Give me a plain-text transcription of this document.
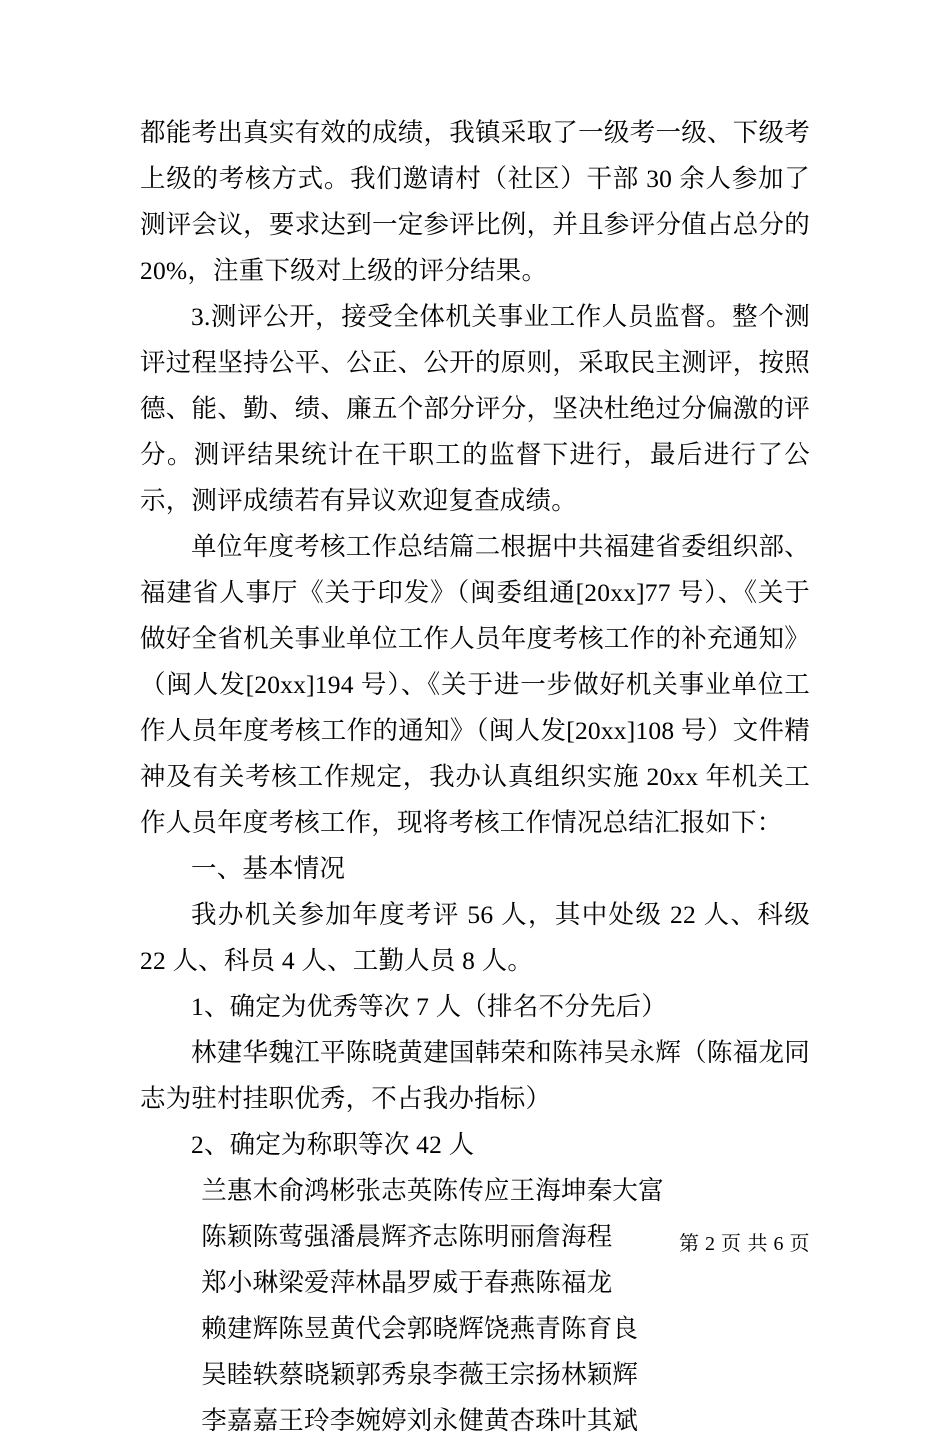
都能考出真实有效的成绩，我镇采取了一级考一级、下级考上级的考核方式。我们邀请村（社区）干部 30 余人参加了测评会议，要求达到一定参评比例，并且参评分值占总分的 20%，注重下级对上级的评分结果。

3.测评公开，接受全体机关事业工作人员监督。整个测评过程坚持公平、公正、公开的原则，采取民主测评，按照德、能、勤、绩、廉五个部分评分，坚决杜绝过分偏激的评分。测评结果统计在干职工的监督下进行，最后进行了公示，测评成绩若有异议欢迎复查成绩。

单位年度考核工作总结篇二根据中共福建省委组织部、福建省人事厅《关于印发》（闽委组通[20xx]77 号）、《关于做好全省机关事业单位工作人员年度考核工作的补充通知》（闽人发[20xx]194 号）、《关于进一步做好机关事业单位工作人员年度考核工作的通知》（闽人发[20xx]108 号）文件精神及有关考核工作规定，我办认真组织实施 20xx 年机关工作人员年度考核工作，现将考核工作情况总结汇报如下：

一、基本情况

我办机关参加年度考评 56 人，其中处级 22 人、科级 22 人、科员 4 人、工勤人员 8 人。

1、确定为优秀等次 7 人（排名不分先后）

林建华魏江平陈晓黄建国韩荣和陈祎吴永辉（陈福龙同志为驻村挂职优秀，不占我办指标）

2、确定为称职等次 42 人

兰惠木俞鸿彬张志英陈传应王海坤秦大富

陈颖陈莺强潘晨辉齐志陈明丽詹海程

郑小琳梁爱萍林晶罗威于春燕陈福龙

赖建辉陈昱黄代会郭晓辉饶燕青陈育良

吴睦轶蔡晓颖郭秀泉李薇王宗扬林颖辉

李嘉嘉王玲李婉婷刘永健黄杏珠叶其斌

第 2 页 共 6 页
